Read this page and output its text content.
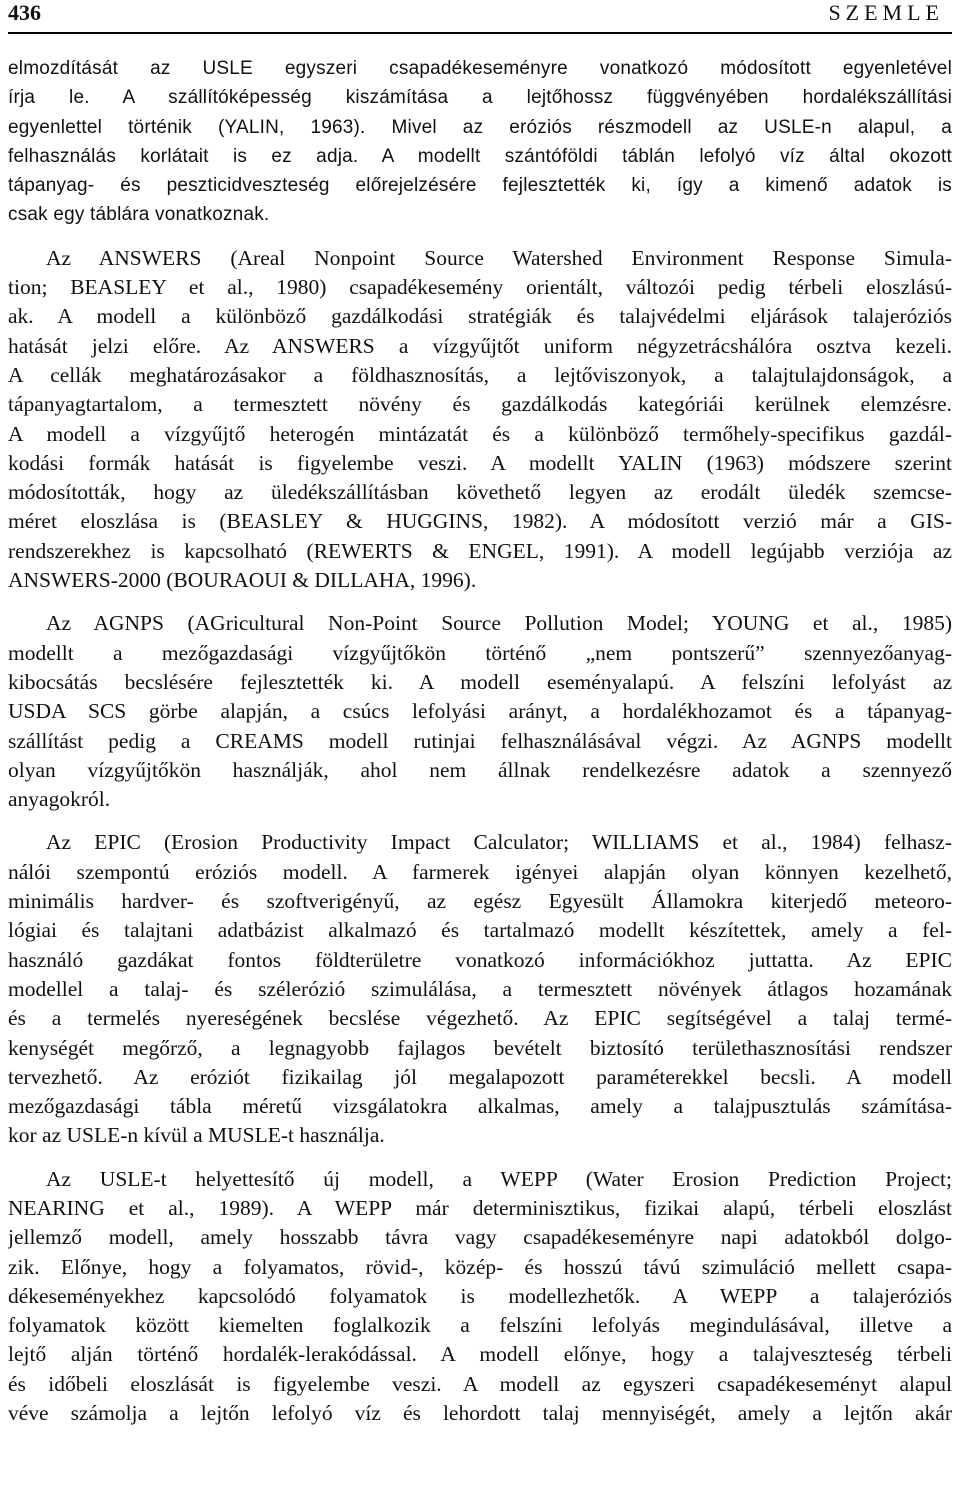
436	SZEMLE
elmozdítását az USLE egyszeri csapadékeseményre vonatkozó módosított egyenletével
írja le. A szállítóképesség kiszámítása a lejtőhossz függvényében hordalékszállítási
egyenlettel történik (YALIN, 1963). Mivel az eróziós részmodell az USLE-n alapul, a
felhasználás korlátait is ez adja. A modellt szántóföldi táblán lefolyó víz által okozott
tápanyag- és peszticidveszteség előrejelzésére fejlesztették ki, így a kimenő adatok is
csak egy táblára vonatkoznak.
Az ANSWERS (Areal Nonpoint Source Watershed Environment Response Simula-
tion; BEASLEY et al., 1980) csapadékesemény orientált, változói pedig térbeli eloszlású-
ak. A modell a különböző gazdálkodási stratégiák és talajvédelmi eljárások talajeróziós
hatását jelzi előre. Az ANSWERS a vízgyűjtőt uniform négyzetrácshálóra osztva kezeli.
A cellák meghatározásakor a földhasznosítás, a lejtőviszonyok, a talajtulajdonságok, a
tápanyagtartalom, a termesztett növény és gazdálkodás kategóriái kerülnek elemzésre.
A modell a vízgyűjtő heterogén mintázatát és a különböző termőhely-specifikus gazdál-
kodási formák hatását is figyelembe veszi. A modellt YALIN (1963) módszere szerint
módosították, hogy az üledékszállításban követhető legyen az erodált üledék szemcse-
méret eloszlása is (BEASLEY & HUGGINS, 1982). A módosított verzió már a GIS-
rendszerekhez is kapcsolható (REWERTS & ENGEL, 1991). A modell legújabb verziója az
ANSWERS-2000 (BOURAOUI & DILLAHA, 1996).
Az AGNPS (AGricultural Non-Point Source Pollution Model; YOUNG et al., 1985)
modellt a mezőgazdasági vízgyűjtőkön történő „nem pontszerű” szennyezőanyag-
kibocsátás becslésére fejlesztették ki. A modell eseményalapú. A felszíni lefolyást az
USDA SCS görbe alapján, a csúcs lefolyási arányt, a hordalékhozamot és a tápanyag-
szállítást pedig a CREAMS modell rutinjai felhasználásával végzi. Az AGNPS modellt
olyan vízgyűjtőkön használják, ahol nem állnak rendelkezésre adatok a szennyező
anyagokról.
Az EPIC (Erosion Productivity Impact Calculator; WILLIAMS et al., 1984) felhasz-
nálói szempontú eróziós modell. A farmerek igényei alapján olyan könnyen kezelhető,
minimális hardver- és szoftverigényű, az egész Egyesült Államokra kiterjedő meteoro-
lógiai és talajtani adatbázist alkalmazó és tartalmazó modellt készítettek, amely a fel-
használó gazdákat fontos földterületre vonatkozó információkhoz juttatta. Az EPIC
modellel a talaj- és szélerózió szimulálása, a termesztett növények átlagos hozamának
és a termelés nyereségének becslése végezhető. Az EPIC segítségével a talaj termé-
kenységét megőrző, a legnagyobb fajlagos bevételt biztosító területhasznosítási rendszer
tervezhető. Az eróziót fizikailag jól megalapozott paraméterekkel becsli. A modell
mezőgazdasági tábla méretű vizsgálatokra alkalmas, amely a talajpusztulás számítása-
kor az USLE-n kívül a MUSLE-t használja.
Az USLE-t helyettesítő új modell, a WEPP (Water Erosion Prediction Project;
NEARING et al., 1989). A WEPP már determinisztikus, fizikai alapú, térbeli eloszlást
jellemző modell, amely hosszabb távra vagy csapadékeseményre napi adatokból dolgo-
zik. Előnye, hogy a folyamatos, rövid-, közép- és hosszú távú szimuláció mellett csapa-
dékeseményekhez kapcsolódó folyamatok is modellezhetők. A WEPP a talajeróziós
folyamatok között kiemelten foglalkozik a felszíni lefolyás megindulásával, illetve a
lejtő alján történő hordalék-lerakódással. A modell előnye, hogy a talajveszteség térbeli
és időbeli eloszlását is figyelembe veszi. A modell az egyszeri csapadékeseményt alapul
véve számolja a lejtőn lefolyó víz és lehordott talaj mennyiségét, amely a lejtőn akár
